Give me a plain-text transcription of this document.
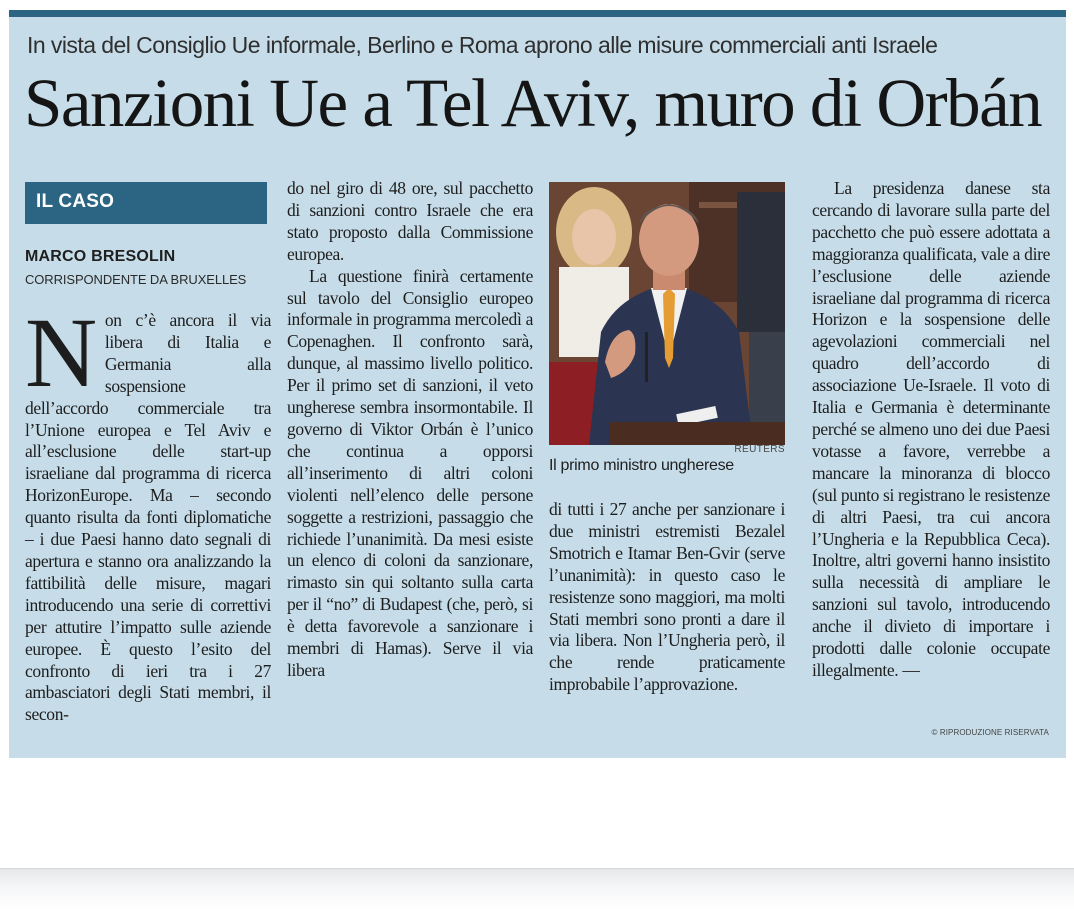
In vista del Consiglio Ue informale, Berlino e Roma aprono alle misure commerciali anti Israele
Sanzioni Ue a Tel Aviv, muro di Orbán
IL CASO
MARCO BRESOLIN
CORRISPONDENTE DA BRUXELLES
N on c’è ancora il via libera di Italia e Germania alla sospensione dell’accordo commerciale tra l’Unione europea e Tel Aviv e all’esclusione delle start-up israeliane dal programma di ricerca HorizonEurope. Ma – secondo quanto risulta da fonti diplomatiche – i due Paesi hanno dato segnali di apertura e stanno ora analizzando la fattibilità delle misure, magari introducendo una serie di correttivi per attutire l’impatto sulle aziende europee. È questo l’esito del confronto di ieri tra i 27 ambasciatori degli Stati membri, il secon-

do nel giro di 48 ore, sul pacchetto di sanzioni contro Israele che era stato proposto dalla Commissione europea.

La questione finirà certamente sul tavolo del Consiglio europeo informale in programma mercoledì a Copenaghen. Il confronto sarà, dunque, al massimo livello politico. Per il primo set di sanzioni, il veto ungherese sembra insormontabile. Il governo di Viktor Orbán è l’unico che continua a opporsi all’inserimento di altri coloni violenti nell’elenco delle persone soggette a restrizioni, passaggio che richiede l’unanimità. Da mesi esiste un elenco di coloni da sanzionare, rimasto sin qui soltanto sulla carta per il “no” di Budapest (che, però, si è detta favorevole a sanzionare i membri di Hamas). Serve il via libera

REUTERS
Il primo ministro ungherese

di tutti i 27 anche per sanzionare i due ministri estremisti Bezalel Smotrich e Itamar Ben-Gvir (serve l’unanimità): in questo caso le resistenze sono maggiori, ma molti Stati membri sono pronti a dare il via libera. Non l’Ungheria però, il che rende praticamente improbabile l’approvazione.

La presidenza danese sta cercando di lavorare sulla parte del pacchetto che può essere adottata a maggioranza qualificata, vale a dire l’esclusione delle aziende israeliane dal programma di ricerca Horizon e la sospensione delle agevolazioni commerciali nel quadro dell’accordo di associazione Ue-Israele. Il voto di Italia e Germania è determinante perché se almeno uno dei due Paesi votasse a favore, verrebbe a mancare la minoranza di blocco (sul punto si registrano le resistenze di altri Paesi, tra cui ancora l’Ungheria e la Repubblica Ceca). Inoltre, altri governi hanno insistito sulla necessità di ampliare le sanzioni sul tavolo, introducendo anche il divieto di importare i prodotti dalle colonie occupate illegalmente. —

© RIPRODUZIONE RISERVATA
